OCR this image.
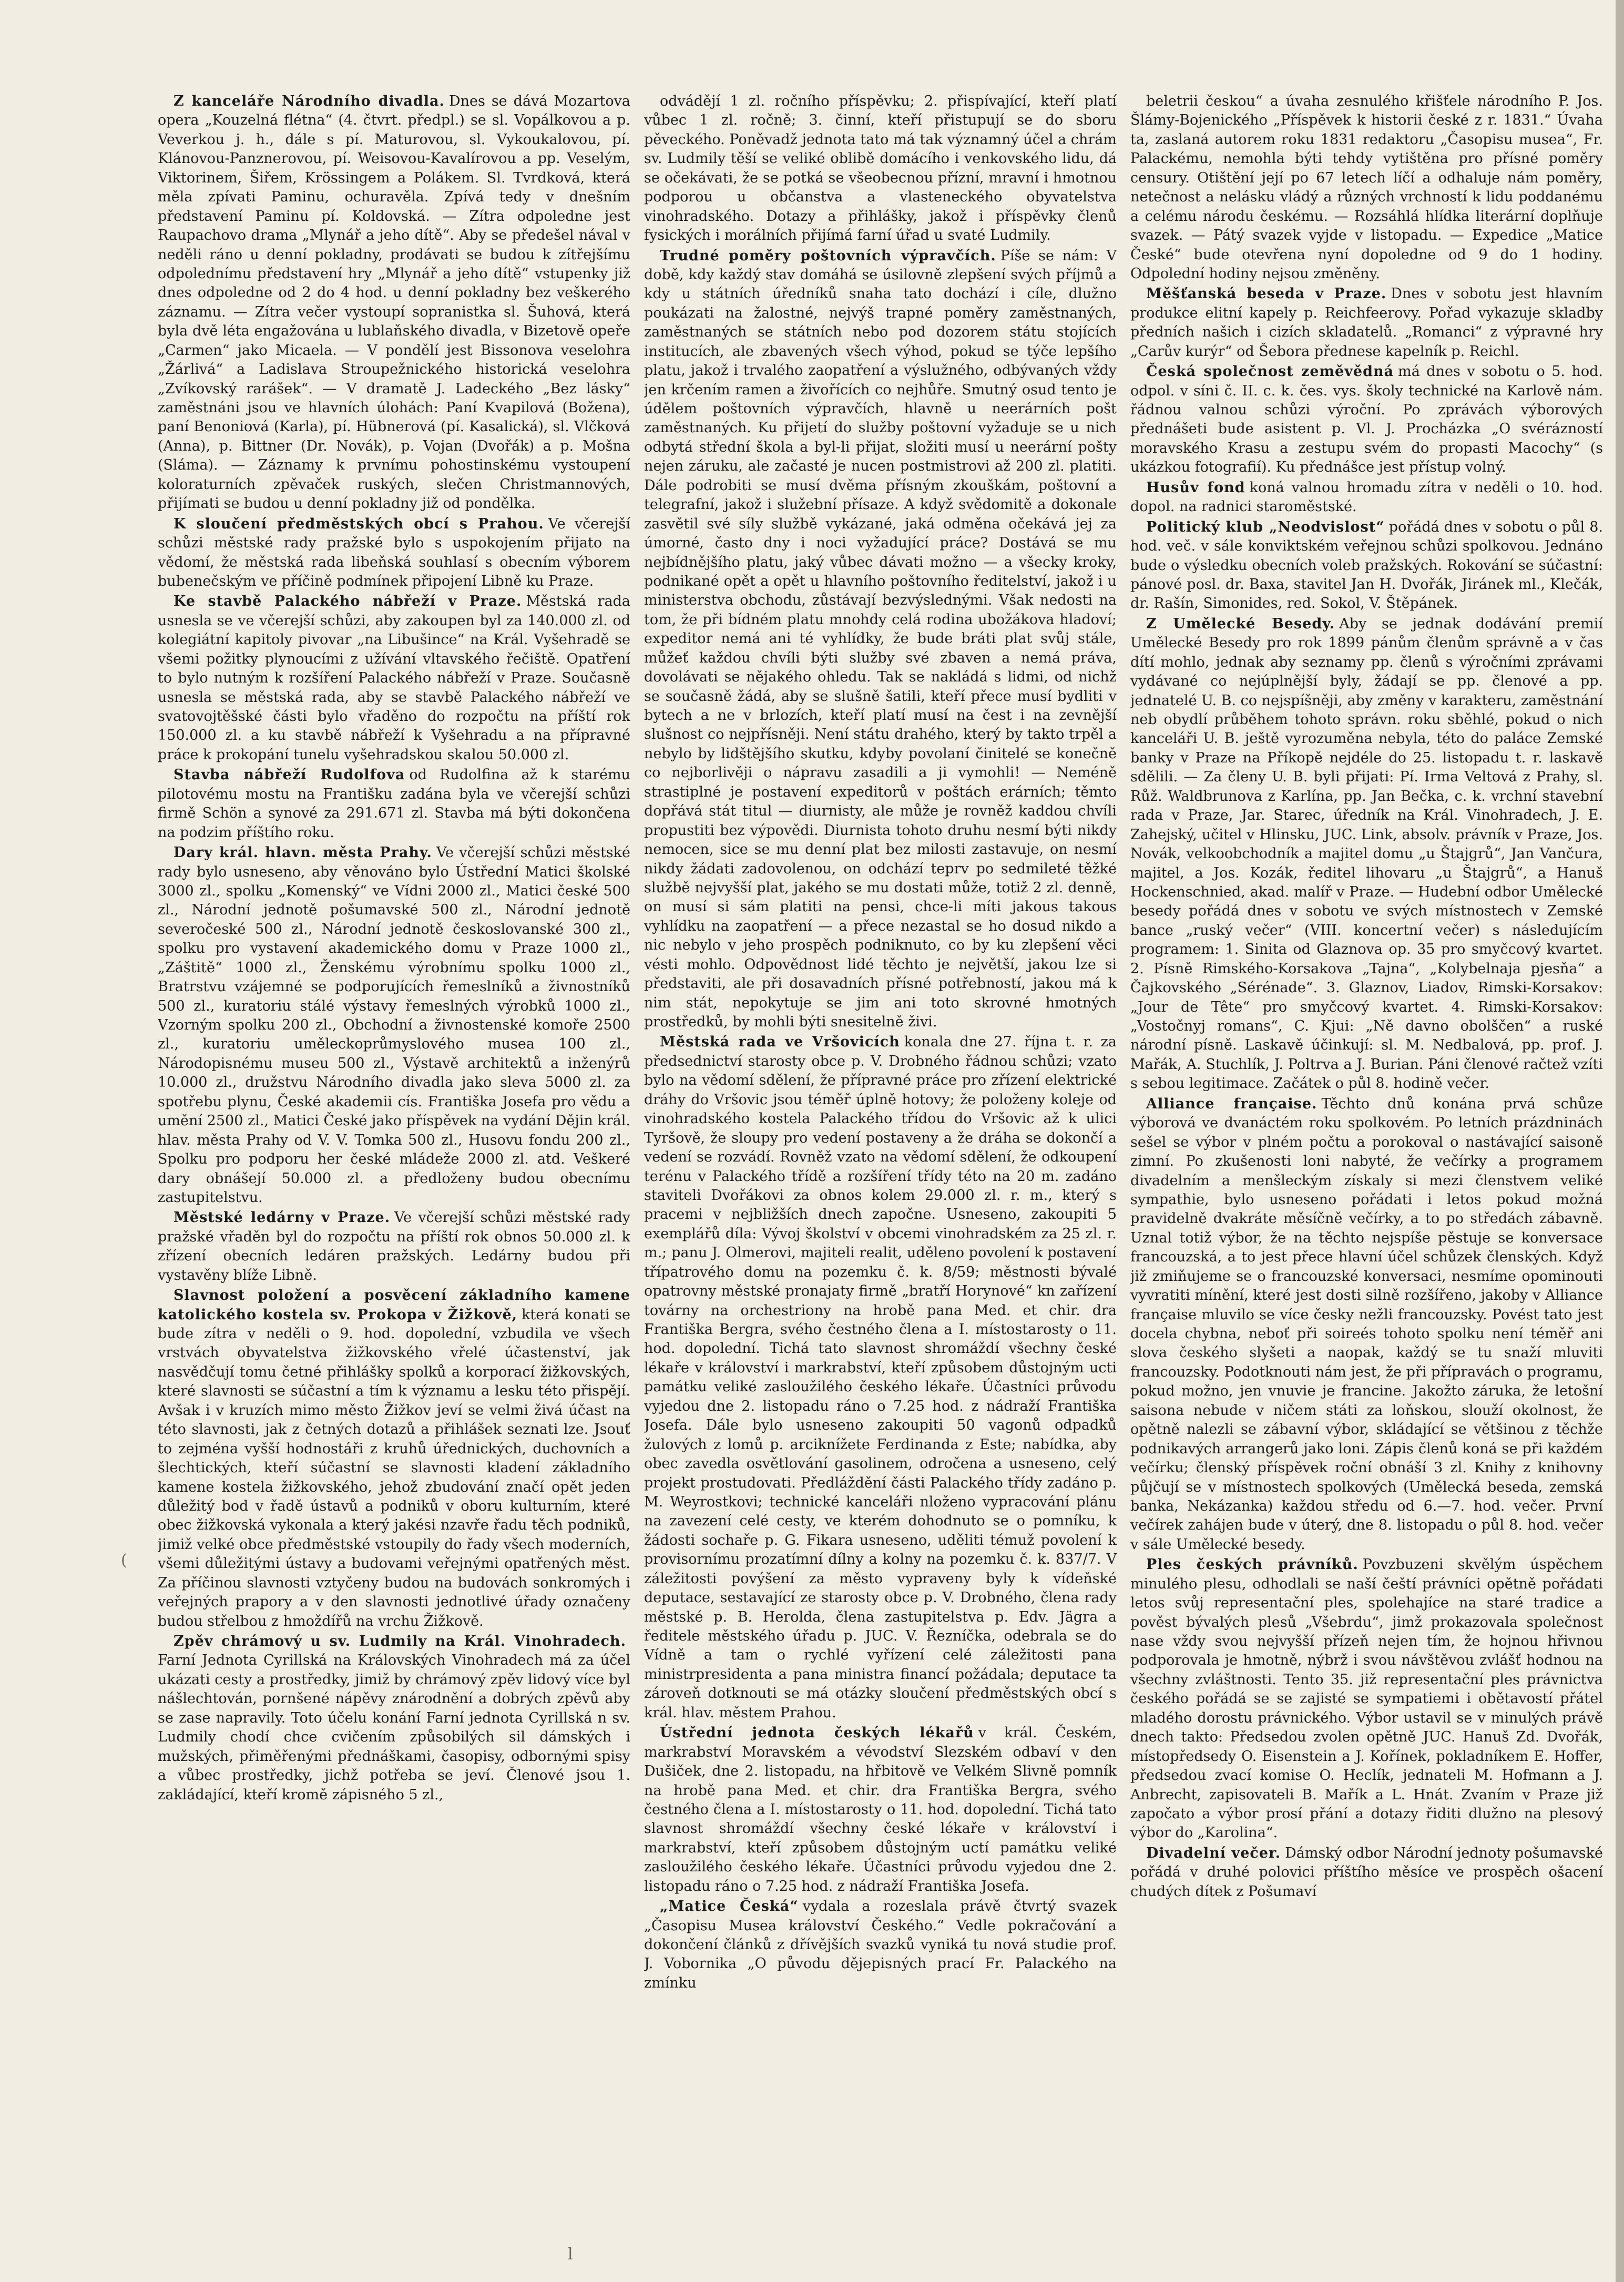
Z kanceláře Národního divadla. Dnes se dává Mozartova opera „Kouzelná flétna“ (4. čtvrt. předpl.) se sl. Vopálkovou a p. Veverkou j. h., dále s pí. Maturovou, sl. Vykoukalovou, pí. Klánovou-Panznerovou, pí. Weisovou-Kavalírovou a pp. Veselým, Viktorinem, Šiřem, Krössingem a Polákem. Sl. Tvrdková, která měla zpívati Paminu, ochuravěla. Zpívá tedy v dnešním představení Paminu pí. Koldovská. — Zítra odpoledne jest Raupachovo drama „Mlynář a jeho dítě“. Aby se předešel nával v neděli ráno u denní pokladny, prodávati se budou k zítřejšímu odpolednímu představení hry „Mlynář a jeho dítě“ vstupenky již dnes odpoledne od 2 do 4 hod. u denní pokladny bez veškerého záznamu. — Zítra večer vystoupí sopranistka sl. Šuhová, která byla dvě léta engažována u lublaňského divadla, v Bizetově opeře „Carmen“ jako Micaela. — V pondělí jest Bissonova veselohra „Žárlivá“ a Ladislava Stroupežnického historická veselohra „Zvíkovský rarášek“. — V dramatě J. Ladeckého „Bez lásky“ zaměstnáni jsou ve hlavních úlohách: Paní Kvapilová (Božena), paní Benoniová (Karla), pí. Hübnerová (pí. Kasalická), sl. Vlčková (Anna), p. Bittner (Dr. Novák), p. Vojan (Dvořák) a p. Mošna (Sláma). — Záznamy k prvnímu pohostinskému vystoupení koloraturních zpěvaček ruských, slečen Christmannových, přijímati se budou u denní pokladny již od pondělka.

K sloučení předměstských obcí s Prahou. Ve včerejší schůzi městské rady pražské bylo s uspokojením přijato na vědomí, že městská rada libeňská souhlasí s obecním výborem bubenečským ve příčině podmínek připojení Libně ku Praze.

Ke stavbě Palackého nábřeží v Praze. Městská rada usnesla se ve včerejší schůzi, aby zakoupen byl za 140.000 zl. od kolegiátní kapitoly pivovar „na Libušince“ na Král. Vyšehradě se všemi požitky plynoucími z užívání vltavského řečiště. Opatření to bylo nutným k rozšíření Palackého nábřeží v Praze. Současně usnesla se městská rada, aby se stavbě Palackého nábřeží ve svatovojtěšské části bylo vřaděno do rozpočtu na příští rok 150.000 zl. a ku stavbě nábřeží k Vyšehradu a na přípravné práce k prokopání tunelu vyšehradskou skalou 50.000 zl.

Stavba nábřeží Rudolfova od Rudolfina až k starému pilotovému mostu na Františku zadána byla ve včerejší schůzi firmě Schön a synové za 291.671 zl. Stavba má býti dokončena na podzim příštího roku.

Dary král. hlavn. města Prahy. Ve včerejší schůzi městské rady bylo usneseno, aby věnováno bylo Ústřední Matici školské 3000 zl., spolku „Komenský“ ve Vídni 2000 zl., Matici české 500 zl., Národní jednotě pošumavské 500 zl., Národní jednotě severočeské 500 zl., Národní jednotě českoslovanské 300 zl., spolku pro vystavení akademického domu v Praze 1000 zl., „Záštitě“ 1000 zl., Ženskému výrobnímu spolku 1000 zl., Bratrstvu vzájemné se podporujících řemeslníků a živnostníků 500 zl., kuratoriu stálé výstavy řemeslných výrobků 1000 zl., Vzorným spolku 200 zl., Obchodní a živnostenské komoře 2500 zl., kuratoriu uměleckoprůmyslového musea 100 zl., Národopisnému museu 500 zl., Výstavě architektů a inženýrů 10.000 zl., družstvu Národního divadla jako sleva 5000 zl. za spotřebu plynu, České akademii cís. Františka Josefa pro vědu a umění 2500 zl., Matici České jako příspěvek na vydání Dějin král. hlav. města Prahy od V. V. Tomka 500 zl., Husovu fondu 200 zl., Spolku pro podporu her české mládeže 2000 zl. atd. Veškeré dary obnášejí 50.000 zl. a předloženy budou obecnímu zastupitelstvu.

Městské ledárny v Praze. Ve včerejší schůzi městské rady pražské vřaděn byl do rozpočtu na příští rok obnos 50.000 zl. k zřízení obecních ledáren pražských. Ledárny budou při vystavěny blíže Libně.

Slavnost položení a posvěcení základního kamene katolického kostela sv. Prokopa v Žižkově, která konati se bude zítra v neděli o 9. hod. dopolední, vzbudila ve všech vrstvách obyvatelstva žižkovského vřelé účastenství, jak nasvědčují tomu četné přihlášky spolků a korporací žižkovských, které slavnosti se súčastní a tím k významu a lesku této přispějí. Avšak i v kruzích mimo město Žižkov jeví se velmi živá účast na této slavnosti, jak z četných dotazů a přihlášek seznati lze. Jsouť to zejména vyšší hodnostáři z kruhů úřednických, duchovních a šlechtických, kteří súčastní se slavnosti kladení základního kamene kostela žižkovského, jehož zbudování značí opět jeden důležitý bod v řadě ústavů a podniků v oboru kulturním, které obec žižkovská vykonala a který jakési nzavře řadu těch podniků, jimiž velké obce předměstské vstoupily do řady všech moderních, všemi důležitými ústavy a budovami veřejnými opatřených měst. Za příčinou slavnosti vztyčeny budou na budovách sonkromých i veřejných prapory a v den slavnosti jednotlivé úřady označeny budou střelbou z hmoždířů na vrchu Žižkově.

Zpěv chrámový u sv. Ludmily na Král. Vinohradech.Farní Jednota Cyrillská na Královských Vinohradech má za účel ukázati cesty a prostředky, jimiž by chrámový zpěv lidový více byl nášlechtován, pornšené nápěvy znárodnění a dobrých zpěvů aby se zase napravily. Toto účelu konání Farní jednota Cyrillská n sv. Ludmily chodí chce cvičením způsobilých sil dámských i mužských, přiměřenými přednáškami, časopisy, odbornými spisy a vůbec prostředky, jichž potřeba se jeví. Členové jsou 1. zakládající, kteří kromě zápisného 5 zl.,

odvádějí 1 zl. ročního příspěvku; 2. přispívající, kteří platí vůbec 1 zl. ročně; 3. činní, kteří přistupují se do sboru pěveckého. Poněvadž jednota tato má tak významný účel a chrám sv. Ludmily těší se veliké oblibě domácího i venkovského lidu, dá se očekávati, že se potká se všeobecnou přízní, mravní i hmotnou podporou u občanstva a vlasteneckého obyvatelstva vinohradského. Dotazy a přihlášky, jakož i příspěvky členů fysických i morálních přijímá farní úřad u svaté Ludmily.

Trudné poměry poštovních výpravčích. Píše se nám: V době, kdy každý stav domáhá se úsilovně zlepšení svých příjmů a kdy u státních úředníků snaha tato dochází i cíle, dlužno poukázati na žalostné, nejvýš trapné poměry zaměstnaných, zaměstnaných se státních nebo pod dozorem státu stojících institucích, ale zbavených všech výhod, pokud se týče lepšího platu, jakož i trvalého zaopatření a výslužného, odbývaných vždy jen krčením ramen a živořících co nejhůře. Smutný osud tento je údělem poštovních výpravčích, hlavně u neerárních pošt zaměstnaných. Ku přijetí do služby poštovní vyžaduje se u nich odbytá střední škola a byl-li přijat, složiti musí u neerární pošty nejen záruku, ale začasté je nucen postmistrovi až 200 zl. platiti. Dále podrobiti se musí dvěma přísným zkouškám, poštovní a telegrafní, jakož i služební přísaze. A když svědomitě a dokonale zasvětil své síly službě vykázané, jaká odměna očekává jej za úmorné, často dny i noci vyžadující práce? Dostává se mu nejbídnějšího platu, jaký vůbec dávati možno — a všecky kroky, podnikané opět a opět u hlavního poštovního ředitelství, jakož i u ministerstva obchodu, zůstávají bezvýslednými. Však nedosti na tom, že při bídném platu mnohdy celá rodina ubožákova hladoví; expeditor nemá ani té vyhlídky, že bude bráti plat svůj stále, můžeť každou chvíli býti služby své zbaven a nemá práva, dovolávati se nějakého ohledu. Tak se nakládá s lidmi, od nichž se současně žádá, aby se slušně šatili, kteří přece musí bydliti v bytech a ne v brlozích, kteří platí musí na čest i na zevnější slušnost co nejpřísněji. Není státu drahého, který by takto trpěl a nebylo by lidštějšího skutku, kdyby povolaní činitelé se konečně co nejborlivěji o nápravu zasadili a ji vymohli! — Neméně strastiplné je postavení expeditorů v poštách erárních; těmto dopřává stát titul — diurnisty, ale může je rovněž kaddou chvíli propustiti bez výpovědi. Diurnista tohoto druhu nesmí býti nikdy nemocen, sice se mu denní plat bez milosti zastavuje, on nesmí nikdy žádati zadovolenou, on odchází teprv po sedmileté těžké službě nejvyšší plat, jakého se mu dostati může, totiž 2 zl. denně, on musí si sám platiti na pensi, chce-li míti jakous takous vyhlídku na zaopatření — a přece nezastal se ho dosud nikdo a nic nebylo v jeho prospěch podniknuto, co by ku zlepšení věci vésti mohlo. Odpovědnost lidé těchto je největší, jakou lze si představiti, ale při dosavadních přísné potřebností, jakou má k nim stát, nepokytuje se jim ani toto skrovné hmotných prostředků, by mohli býti snesitelně živi.

Městská rada ve Vršovicích konala dne 27. října t. r. za předsednictví starosty obce p. V. Drobného řádnou schůzi; vzato bylo na vědomí sdělení, že přípravné práce pro zřízení elektrické dráhy do Vršovic jsou téměř úplně hotovy; že položeny koleje od vinohradského kostela Palackého třídou do Vršovic až k ulici Tyršově, že sloupy pro vedení postaveny a že dráha se dokončí a vedení se rozvádí. Rovněž vzato na vědomí sdělení, že odkoupení terénu v Palackého třídě a rozšíření třídy této na 20 m. zadáno staviteli Dvořákovi za obnos kolem 29.000 zl. r. m., který s pracemi v nejbližších dnech započne. Usneseno, zakoupiti 5 exemplářů díla: Vývoj školství v obcemi vinohradském za 25 zl. r. m.; panu J. Olmerovi, majiteli realit, uděleno povolení k postavení třípatrového domu na pozemku č. k. 8/59; městnosti bývalé opatrovny městské pronajaty firmě „bratří Horynové“ kn zařízení továrny na orchestriony na hrobě pana Med. et chir. dra Františka Bergra, svého čestného člena a I. místostarosty o 11. hod. dopolední. Tichá tato slavnost shromáždí všechny české lékaře v království i markrabství, kteří způsobem důstojným ucti památku veliké zasloužilého českého lékaře. Účastníci průvodu vyjedou dne 2. listopadu ráno o 7.25 hod. z nádraží Františka Josefa. Dále bylo usneseno zakoupiti 50 vagonů odpadků žulových z lomů p. arciknížete Ferdinanda z Este; nabídka, aby obec zavedla osvětlování gasolinem, odročena a usneseno, celý projekt prostudovati. Předláždění části Palackého třídy zadáno p. M. Weyrostkovi; technické kanceláři nloženo vypracování plánu na zavezení celé cesty, ve kterém dohodnuto se o pomníku, k žádosti sochaře p. G. Fikara usneseno, uděliti témuž povolení k provisornímu prozatímní dílny a kolny na pozemku č. k. 837/7. V záležitosti povýšení za město vypraveny byly k vídeňské deputace, sestavající ze starosty obce p. V. Drobného, člena rady městské p. B. Herolda, člena zastupitelstva p. Edv. Jägra a ředitele městského úřadu p. JUC. V. Řezníčka, odebrala se do Vídně a tam o rychlé vyřízení celé záležitosti pana ministrpresidenta a pana ministra financí požádala; deputace ta zároveň dotknouti se má otázky sloučení předměstských obcí s král. hlav. městem Prahou.

Ústřední jednota českých lékařů v král. Českém, markrabství Moravském a vévodství Slezském odbaví v den Dušiček, dne 2. listopadu, na hřbitově ve Velkém Slivně pomník na hrobě pana Med. et chir. dra Františka Bergra, svého čestného člena a I. místostarosty o 11. hod. dopolední. Tichá tato slavnost shromáždí všechny české lékaře v království i markrabství, kteří způsobem důstojným uctí památku veliké zasloužilého českého lékaře. Účastníci průvodu vyjedou dne 2. listopadu ráno o 7.25 hod. z nádraží Františka Josefa.

„Matice Česká“ vydala a rozeslala právě čtvrtý svazek „Časopisu Musea království Českého.“ Vedle pokračování a dokončení článků z dřívějších svazků vyniká tu nová studie prof. J. Vobornika „O původu dějepisných prací Fr. Palackého na zmínku

beletrii českou“ a úvaha zesnulého křišťele národního P. Jos. Šlámy-Bojenického „Příspěvek k historii české z r. 1831.“ Úvaha ta, zaslaná autorem roku 1831 redaktoru „Časopisu musea“, Fr. Palackému, nemohla býti tehdy vytištěna pro přísné poměry censury. Otištění její po 67 letech líčí a odhaluje nám poměry, netečnost a nelásku vládý a různých vrchností k lidu poddanému a celému národu českému. — Rozsáhlá hlídka literární doplňuje svazek. — Pátý svazek vyjde v listopadu. — Expedice „Matice České“ bude otevřena nyní dopoledne od 9 do 1 hodiny. Odpolední hodiny nejsou změněny.

Měšťanská beseda v Praze. Dnes v sobotu jest hlavním produkce elitní kapely p. Reichfeerovy. Pořad vykazuje skladby předních našich i cizích skladatelů. „Romanci“ z výpravné hry „Carův kurýr“ od Šebora přednese kapelník p. Reichl.

Česká společnost zeměvědná má dnes v sobotu o 5. hod. odpol. v síni č. II. c. k. čes. vys. školy technické na Karlově nám. řádnou valnou schůzi výroční. Po zprávách výborových přednášeti bude asistent p. Vl. J. Procházka „O svérázností moravského Krasu a zestupu svém do propasti Macochy“ (s ukázkou fotografií). Ku přednášce jest přístup volný.

Husův fond koná valnou hromadu zítra v neděli o 10. hod. dopol. na radnici staroměstské.

Politický klub „Neodvislost“ pořádá dnes v sobotu o půl 8. hod. več. v sále konviktském veřejnou schůzi spolkovou. Jednáno bude o výsledku obecních voleb pražských. Rokování se súčastní: pánové posl. dr. Baxa, stavitel Jan H. Dvořák, Jiránek ml., Klečák, dr. Rašín, Simonides, red. Sokol, V. Štěpánek.

Z Umělecké Besedy. Aby se jednak dodávání premií Umělecké Besedy pro rok 1899 pánům členům správně a v čas dítí mohlo, jednak aby seznamy pp. členů s výročními zprávami vydávané co nejúplnější byly, žádají se pp. členové a pp. jednatelé U. B. co nejspíšněji, aby změny v karakteru, zaměstnání neb obydlí průběhem tohoto správn. roku sběhlé, pokud o nich kanceláři U. B. ještě vyrozuměna nebyla, této do paláce Zemské banky v Praze na Příkopě nejdéle do 25. listopadu t. r. laskavě sdělili. — Za členy U. B. byli přijati: Pí. Irma Veltová z Prahy, sl. Růž. Waldbrunova z Karlína, pp. Jan Bečka, c. k. vrchní stavební rada v Praze, Jar. Starec, úředník na Král. Vinohradech, J. E. Zahejský, učitel v Hlinsku, JUC. Link, absolv. právník v Praze, Jos. Novák, velkoobchodník a majitel domu „u Štajgrů“, Jan Vančura, majitel, a Jos. Kozák, ředitel lihovaru „u Štajgrů“, a Hanuš Hockenschnied, akad. malíř v Praze. — Hudební odbor Umělecké besedy pořádá dnes v sobotu ve svých místnostech v Zemské bance „ruský večer“ (VIII. koncertní večer) s následujícím programem: 1. Sinita od Glaznova op. 35 pro smyčcový kvartet. 2. Písně Rimského-Korsakova „Tajna“, „Kolybelnaja pjesňa“ a Čajkovského „Sérénade“. 3. Glaznov, Liadov, Rimski-Korsakov: „Jour de Tête“ pro smyčcový kvartet. 4. Rimski-Korsakov: „Vostočnyj romans“, C. Kjui: „Ně davno obolščen“ a ruské národní písně. Laskavě účinkují: sl. M. Nedbalová, pp. prof. J. Mařák, A. Stuchlík, J. Poltrva a J. Burian. Páni členové račtež vzíti s sebou legitimace. Začátek o půl 8. hodině večer.

Alliance française. Těchto dnů konána prvá schůze výborová ve dvanáctém roku spolkovém. Po letních prázdninách sešel se výbor v plném počtu a porokoval o nastávající saisoně zimní. Po zkušenosti loni nabyté, že večírky a programem divadelním a menšleckým získaly si mezi členstvem veliké sympathie, bylo usneseno pořádati i letos pokud možná pravidelně dvakráte měsíčně večírky, a to po středách zábavně. Uznal totiž výbor, že na těchto nejspíše pěstuje se konversace francouzská, a to jest přece hlavní účel schůzek členských. Když již zmiňujeme se o francouzské konversaci, nesmíme opominouti vyvratiti mínění, které jest dosti silně rozšířeno, jakoby v Alliance française mluvilo se více česky nežli francouzsky. Povést tato jest docela chybna, neboť při soireés tohoto spolku není téměř ani slova českého slyšeti a naopak, každý se tu snaží mluviti francouzsky. Podotknouti nám jest, že při přípravách o programu, pokud možno, jen vnuvie je francine. Jakožto záruka, že letošní saisona nebude v ničem státi za loňskou, slouží okolnost, že opětně nalezli se zábavní výbor, skládající se většinou z těchže podnikavých arrangerů jako loni. Zápis členů koná se při každém večírku; členský příspěvek roční obnáší 3 zl. Knihy z knihovny půjčují se v místnostech spolkových (Umělecká beseda, zemská banka, Nekázanka) každou středu od 6.—7. hod. večer. První večírek zahájen bude v úterý, dne 8. listopadu o půl 8. hod. večer v sále Umělecké besedy.

Ples českých právníků. Povzbuzeni skvělým úspěchem minulého plesu, odhodlali se naší čeští právníci opětně pořádati letos svůj representační ples, spolehajíce na staré tradice a pověst bývalých plesů „Všebrdu“, jimž prokazovala společnost nase vždy svou nejvyšší přízeň nejen tím, že hojnou hřivnou podporovala je hmotně, nýbrž i svou návštěvou zvlášť hodnou na všechny zvláštnosti. Tento 35. již representační ples právnictva českého pořádá se se zajisté se sympatiemi i obětavostí přátel mladého dorostu právnického. Výbor ustavil se v minulých právě dnech takto: Předsedou zvolen opětně JUC. Hanuš Zd. Dvořák, místopředsedy O. Eisenstein a J. Kořínek, pokladníkem E. Hoffer, předsedou zvací komise O. Heclík, jednateli M. Hofmann a J. Anbrecht, zapisovateli B. Mařík a L. Hnát. Zvaním v Praze již započato a výbor prosí přání a dotazy řiditi dlužno na plesový výbor do „Karolina“.

Divadelní večer. Dámský odbor Národní jednoty pošumavské pořádá v druhé polovici příštího měsíce ve prospěch ošacení chudých dítek z Pošumaví

(
l
